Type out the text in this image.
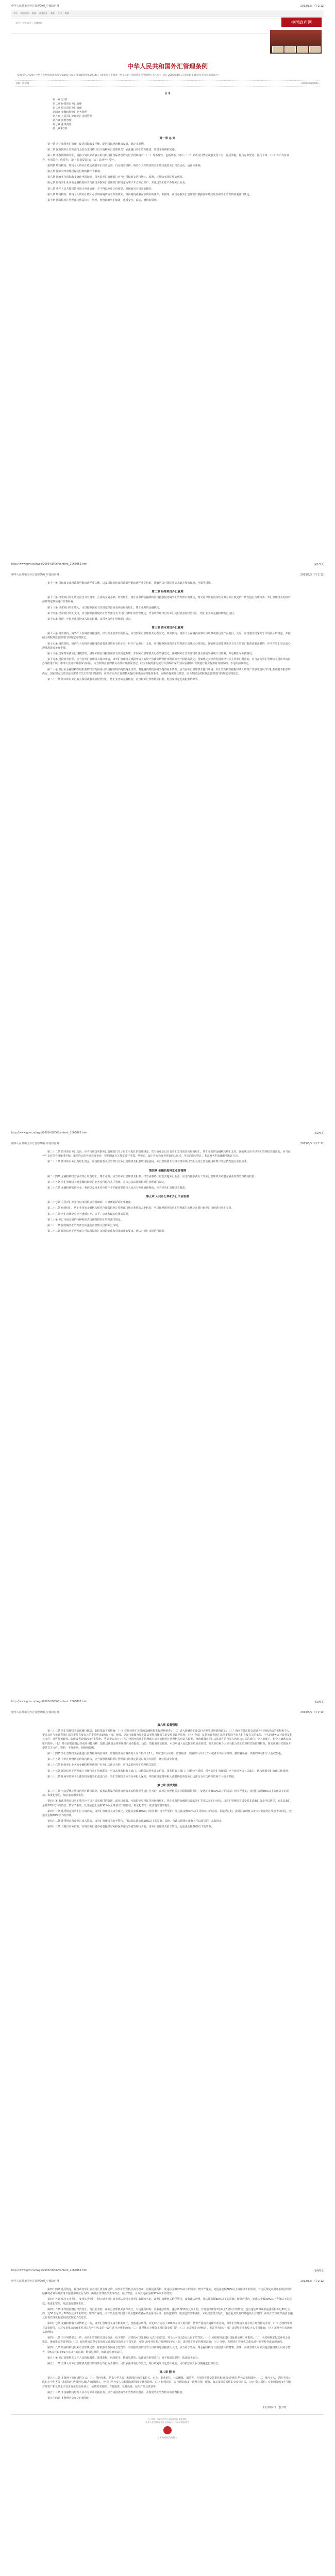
中华人民共和国外汇管理条例_中国政府网	2013/8/5 下午2:12
首页 政府机构 新闻 政务信息 服务 互动 数据
中国政府网
首页 > 政务信息 > 法律法规
中华人民共和国外汇管理条例
（1996年1月29日中华人民共和国国务院令第193号发布 根据1997年1月14日《国务院关于修改〈中华人民共和国外汇管理条例〉的决定》修订 2008年8月1日国务院第20次常务会议修订通过）
来源：政府网	2008年08月06日
目 录
第一章 总 则
第二章 经常项目外汇管理
第三章 资本项目外汇管理
第四章 金融机构外汇业务管理
第五章 人民币汇率和外汇市场管理
第六章 监督管理
第七章 法律责任
第八章 附 则
第一章 总 则
第一条 为了加强外汇管理，促进国际收支平衡，促进国民经济健康发展，制定本条例。
第二条 国务院外汇管理部门及其分支机构（以下统称外汇管理机关）依法履行外汇管理职责，负责本条例的实施。
第三条 本条例所称外汇，是指下列以外币表示的可以用作国际清偿的支付手段和资产：（一）外币现钞，包括纸币、铸币；（二）外币支付凭证或者支付工具，包括票据、银行存款凭证、银行卡等；（三）外币有价证券，包括债券、股票等；（四）特别提款权；（五）其他外汇资产。
第四条 境内机构、境内个人的外汇收支或者外汇经营活动，以及境外机构、境外个人在境内的外汇收支或者外汇经营活动，适用本条例。
第五条 国家对经常性国际支付和转移不予限制。
第六条 国家实行国际收支统计申报制度。国务院外汇管理部门应当对国际收支进行统计、监测，定期公布国际收支状况。
第七条 经营外汇业务的金融机构应当按照国务院外汇管理部门的规定为客户开立外汇账户，并通过外汇账户办理外汇业务。
第八条 中华人民共和国境内禁止外币流通，并不得以外币计价结算，但国家另有规定的除外。
第九条 境内机构、境内个人的外汇收入可以调回境内或者存放境外；调回境内或者存放境外的条件、期限等，由国务院外汇管理部门根据国际收支状况和外汇管理的需要作出规定。
第十条 国务院外汇管理部门依法持有、管理、经营国家外汇储备，遵循安全、流动、增值的原则。
http://www.gov.cn/zwgk/2008-08/06/content_1066085.htm	第1/5页
中华人民共和国外汇管理条例_中国政府网	2013/8/5 下午2:12
第十一条 国际收支出现或者可能出现严重失衡，以及国民经济出现或者可能出现严重危机时，国家可以对国际收支采取必要的保障、控制等措施。
第二章 经常项目外汇管理
第十二条 经常项目外汇收支应当具有真实、合法的交易基础。经营结汇、售汇业务的金融机构应当按照国务院外汇管理部门的规定，对交易单证的真实性及其与外汇收支的一致性进行合理审查。外汇管理机关有权对前款规定事项进行监督检查。
第十三条 经常项目外汇收入，可以按照国家有关规定保留或者卖给经营结汇、售汇业务的金融机构。
第十四条 经常项目外汇支出，应当按照国务院外汇管理部门关于付汇与购汇的管理规定，凭有效单证以自有外汇支付或者向经营结汇、售汇业务的金融机构购汇支付。
第十五条 携带、申报外币现钞出入境的限额，由国务院外汇管理部门规定。
第三章 资本项目外汇管理
第十六条 境外机构、境外个人在境内直接投资，经有关主管部门批准后，应当到外汇管理机关办理登记。境外机构、境外个人在境内从事有价证券或者衍生产品发行、交易，应当遵守国家关于市场准入的规定，并按照国务院外汇管理部门的规定办理登记。
第十七条 境内机构、境内个人向境外直接投资或者从事境外有价证券、衍生产品发行、交易，应当按照国务院外汇管理部门的规定办理登记。国家规定需要事先经有关主管部门批准或者备案的，应当在外汇登记前办理批准或者备案手续。
第十八条 国家对外债实行规模管理。借用外债应当按照国家有关规定办理，并到外汇管理机关办理外债登记。国务院外汇管理部门负责全国的外债统计与监测，并定期公布外债情况。
第十九条 提供对外担保，应当向外汇管理机关提出申请，由外汇管理机关根据申请人的资产负债等情况作出批准或者不批准的决定；国家规定其经营范围需经有关主管部门批准的，应当在向外汇管理机关提出申请前办理批准手续。申请人签订对外担保合同后，应当到外汇管理机关办理对外担保登记。经国务院批准为使用外国政府或者国际金融组织贷款进行转贷提供对外担保的，不适用前款规定。
第二十条 银行业金融机构在经批准的经营范围内可以直接向境外提供商业贷款。其他境内机构向境外提供商业贷款，应当向外汇管理机关提出申请，外汇管理机关根据申请人的资产负债等情况作出批准或者不批准的决定；国家规定其经营范围需经有关主管部门批准的，应当在向外汇管理机关提出申请前办理批准手续。向境外提供商业贷款，应当按照国务院外汇管理部门的规定办理登记。
第二十一条 资本项目外汇收入保留或者卖给经营结汇、售汇业务的金融机构，应当经外汇管理机关批准，但国家规定无需批准的除外。
http://www.gov.cn/zwgk/2008-08/06/content_1066085.htm	第2/5页
中华人民共和国外汇管理条例_中国政府网	2013/8/5 下午2:12
第二十二条 资本项目外汇支出，应当按照国务院外汇管理部门关于付汇与购汇的管理规定，凭有效单证以自有外汇支付或者向经营结汇、售汇业务的金融机构购汇支付。国家规定应当经外汇管理机关批准的，应当在外汇支付前办理批准手续。依法终止的外商投资企业，按照国家有关规定进行清算、纳税后，属于外方投资者所有的人民币，可以向经营结汇、售汇业务的金融机构购汇汇出。
第二十三条 资本项目外汇及结汇资金，应当按照有关主管部门及外汇管理机关批准的用途使用。外汇管理机关有权对资本项目外汇及结汇资金使用和账户变动情况进行监督检查。
第四章 金融机构外汇业务管理
第二十四条 金融机构经营或者终止经营结汇、售汇业务，应当经外汇管理机关批准；经营或者终止经营其他外汇业务，应当按照职责分工经外汇管理机关或者金融业监督管理机构批准。
第二十五条 外汇管理机关对金融机构外汇业务实行综合头寸管理，具体办法由国务院外汇管理部门制定。
第二十六条 金融机构的资本金、利润以及因本外币资产不匹配需要进行人民币与外币间转换的，应当经外汇管理机关批准。
第五章 人民币汇率和外汇市场管理
第二十七条 人民币汇率实行以市场供求为基础的、有管理的浮动汇率制度。
第二十八条 经营结汇、售汇业务的金融机构和符合国务院外汇管理部门规定条件的其他机构，可以按照国务院外汇管理部门的规定在银行间外汇市场进行外汇交易。
第二十九条 外汇市场交易应当遵循公开、公平、公正和诚实信用的原则。
第三十条 外汇市场交易的币种和形式由国务院外汇管理部门规定。
第三十一条 国务院外汇管理部门依法监督管理全国的外汇市场。
第三十二条 国务院外汇管理部门可以根据外汇市场的变化和货币政策的要求，依法对外汇市场进行调节。
http://www.gov.cn/zwgk/2008-08/06/content_1066085.htm	第3/5页
中华人民共和国外汇管理条例_中国政府网	2013/8/5 下午2:12
第六章 监督管理
第三十三条 外汇管理机关依法履行职责，有权采取下列措施：（一）对经营外汇业务的金融机构进行现场检查；（二）进入涉嫌外汇违法行为发生场所调查取证；（三）询问有外汇收支或者外汇经营活动的机构和个人，要求其对与被调查外汇违法事件直接有关的事项作出说明；（四）查阅、复制与被调查外汇违法事件直接有关的交易单证等资料；（五）查阅、复制被调查外汇违法事件的当事人和直接有关的单位、个人的财务会计资料及相关文件，对可能被转移、隐匿或者毁损的文件和资料，可以予以封存；（六）经国务院外汇管理部门或者省级外汇管理机关负责人批准，查询被调查外汇违法事件的当事人和直接有关的单位、个人的账户，但个人储蓄存款账户除外；（七）对有证据证明已经或者可能转移、隐匿违法资金等涉案财产或者隐匿、伪造、毁损重要证据的，可以申请人民法院冻结或者查封。有关单位和个人应当配合外汇管理机关的监督检查，如实说明有关情况并提供有关文件、资料，不得拒绝、阻碍和隐瞒。
第三十四条 外汇管理机关依法进行监督检查或者调查，监督检查或者调查的人员不得少于2人，并应当出示证件。监督检查、调查的人员少于2人或者未出示证件的，被监督检查、调查的单位和个人有权拒绝。
第三十五条 有外汇经营活动的境内机构，应当按照国务院外汇管理部门的规定报送财务会计报告、统计报表等资料。
第三十六条 经营外汇业务的金融机构发现客户有外汇违法行为的，应当及时向外汇管理机关报告。
第三十七条 国务院外汇管理部门为履行外汇管理职责，可以从国务院有关部门、机构获取所必需的信息，国务院有关部门、机构应当提供。国务院外汇管理部门应当向国务院有关部门、机构通报外汇管理工作情况。
第三十八条 任何单位和个人都有权举报外汇违法行为。外汇管理机关应当为举报人保密，并按照规定对举报人或者协助查处外汇违法行为有功的单位和个人给予奖励。
第七章 法律责任
第三十九条 有违反规定将境内外汇转移境外，或者以欺骗手段将境内资本转移境外等逃汇行为的，由外汇管理机关责令限期调回外汇，处逃汇金额30%以下的罚款；情节严重的，处逃汇金额30%以上等值以下的罚款；构成犯罪的，依法追究刑事责任。
第四十条 有违反规定以外汇收付应当以人民币收付的款项，或者以虚假、无效的交易单证等向经营结汇、售汇业务的金融机构骗购外汇等非法套汇行为的，由外汇管理机关责令对非法套汇资金予以回兑，处非法套汇金额30%以下的罚款；情节严重的，处非法套汇金额30%以上等值以下的罚款；构成犯罪的，依法追究刑事责任。
第四十一条 违反规定将外汇汇入境内的，由外汇管理机关责令改正，处违法金额30%以下的罚款；情节严重的，处违法金额30%以上等值以下的罚款。非法结汇的，由外汇管理机关责令对非法结汇资金予以回兑，处违法金额30%以下的罚款。
第四十二条 违反规定携带外汇出入境的，由外汇管理机关给予警告，可以处违法金额20%以下的罚款。法律、行政法规规定由海关予以处罚的，从其规定。
第四十三条 有擅自对外借款、在境外发行债券或者提供对外担保等违反外债管理行为的，由外汇管理机关给予警告，处违法金额30%以下的罚款。
http://www.gov.cn/zwgk/2008-08/06/content_1066085.htm	第4/5页
中华人民共和国外汇管理条例_中国政府网	2013/8/5 下午2:12
第四十四条 违反规定，擅自改变外汇或者结汇资金用途的，由外汇管理机关责令改正，没收违法所得，处违法金额30%以下的罚款；情节严重的，处违法金额30%以上等值以下的罚款。有违反规定以外币在境内计价结算或者划转外汇等非法使用外汇行为的，由外汇管理机关责令改正，给予警告，可以处违法金额30%以下的罚款。
第四十五条 私自买卖外汇、变相买卖外汇、倒买倒卖外汇或者非法介绍买卖外汇数额较大的，由外汇管理机关给予警告，没收违法所得，处违法金额30%以下的罚款；情节严重的，处违法金额30%以上等值以下的罚款；构成犯罪的，依法追究刑事责任。
第四十六条 未经批准擅自经营结汇、售汇业务的，由外汇管理机关责令改正，有违法所得的，没收违法所得，违法所得50万元以上的，并处违法所得1倍以上5倍以下的罚款；没有违法所得或者违法所得不足50万元的，处50万元以上200万元以下的罚款；情节严重的，由有关主管部门责令停业整顿或者吊销业务许可证；构成犯罪的，依法追究刑事责任。未经批准经营结汇、售汇业务以外的其他外汇业务的，由外汇管理机关或者金融业监督管理机构依照前款规定予以处罚。
第四十七条 金融机构有下列情形之一的，由外汇管理机关责令限期改正，没收违法所得，并处20万元以上100万元以下的罚款；情节严重或者逾期不改正的，由外汇管理机关责令停止经营相关业务：（一）办理经常项目资金收付，未对交易单证的真实性及其与外汇收支的一致性进行合理审查的；（二）违反规定办理资本项目资金收付的；（三）违反规定办理结汇、售汇业务的；（四）违反外汇业务综合头寸管理的；（五）违反外汇市场交易管理的。
第四十八条 有下列情形之一的，由外汇管理机关责令改正，给予警告，对机构可以处30万元以下的罚款，对个人可以处5万元以下的罚款：（一）未按照规定进行国际收支统计申报的；（二）未按照规定报送财务会计报告、统计报表等资料的；（三）未按照规定提交有效单证或者提交的单证不真实的；（四）违反外汇账户管理规定的；（五）违反外汇登记管理规定的；（六）拒绝、阻碍外汇管理机关依法进行监督检查或者调查的。
第四十九条 境内机构违反外汇管理规定的，除依照本条例给予处罚外，对直接负责的主管人员和其他直接责任人员，应当给予处分；对金融机构负有直接责任的董事、监事、高级管理人员和其他直接责任人员给予警告，处5万元以上50万元以下的罚款；构成犯罪的，依法追究刑事责任。
第五十条 外汇管理机关工作人员徇私舞弊、滥用职权、玩忽职守，构成犯罪的，依法追究刑事责任；尚不构成犯罪的，依法给予处分。
第五十一条 当事人对外汇管理机关作出的具体行政行为不服的，可以依法申请行政复议；对行政复议决定仍不服的，可以依法向人民法院提起行政诉讼。
第八章 附 则
第五十二条 本条例下列用语的含义：（一）境内机构，是指中华人民共和国境内的国家机关、企业、事业单位、社会团体、部队等，外国驻华外交领事机构和国际组织驻华代表机构除外。（二）境内个人，是指中国公民和在中华人民共和国境内连续居住满1年的外国人，外国驻华外交人员和国际组织驻华代表除外。（三）经常项目，是指国际收支中涉及货物、服务、收益及经常转移的交易项目等。（四）资本项目，是指国际收支中引起对外资产和负债水平发生变化的交易项目，包括资本转移、直接投资、证券投资、衍生产品及贷款等。
第五十三条 非金融机构经营人民币与外币兑换业务，应当由国务院外汇管理部门批准，并接受外汇管理机关的监督检查。
第五十四条 本条例自公布之日起施行。
【关闭窗口】 【打印】
关于我们 | 网站声明 | 网站地图 | 联系我们
中华人民共和国中央人民政府门户网站 版权所有
京ICP备05070218号
